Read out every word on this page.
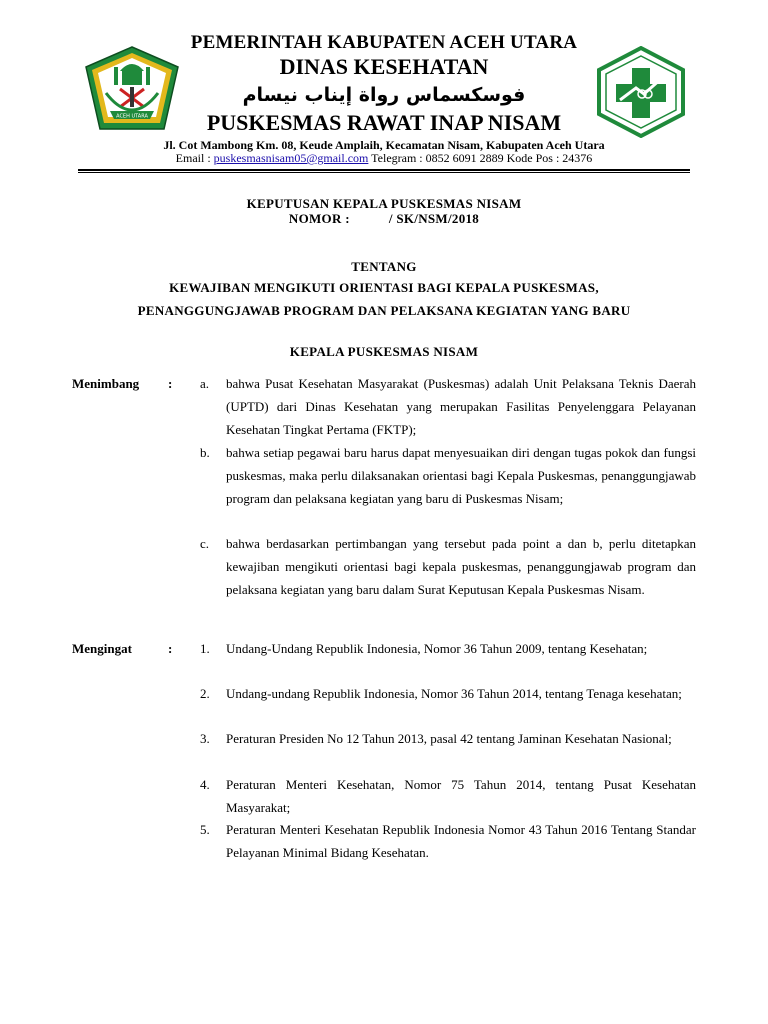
ACEH UTARA
PEMERINTAH KABUPATEN ACEH UTARA
DINAS KESEHATAN
فوسكسماس رواة إيناب نيسام
PUSKESMAS RAWAT INAP NISAM
Jl. Cot Mambong Km. 08, Keude Amplaih, Kecamatan Nisam, Kabupaten Aceh Utara
Email : puskesmasnisam05@gmail.com Telegram : 0852 6091 2889 Kode Pos : 24376
KEPUTUSAN KEPALA PUSKESMAS NISAM
NOMOR :           / SK/NSM/2018
TENTANG
KEWAJIBAN MENGIKUTI ORIENTASI BAGI KEPALA PUSKESMAS,
PENANGGUNGJAWAB PROGRAM DAN PELAKSANA KEGIATAN YANG BARU
KEPALA PUSKESMAS NISAM
Menimbang : a. bahwa Pusat Kesehatan Masyarakat (Puskesmas) adalah Unit Pelaksana Teknis Daerah (UPTD) dari Dinas Kesehatan yang merupakan Fasilitas Penyelenggara Pelayanan Kesehatan Tingkat Pertama (FKTP);
b. bahwa setiap pegawai baru harus dapat menyesuaikan diri dengan tugas pokok dan fungsi puskesmas, maka perlu dilaksanakan orientasi bagi Kepala Puskesmas, penanggungjawab program dan pelaksana kegiatan yang baru di Puskesmas Nisam;
c. bahwa berdasarkan pertimbangan yang tersebut pada point a dan b, perlu ditetapkan kewajiban mengikuti orientasi bagi kepala puskesmas, penanggungjawab program dan pelaksana kegiatan yang baru dalam Surat Keputusan Kepala Puskesmas Nisam.
Mengingat	: 1. Undang-Undang Republik Indonesia, Nomor 36 Tahun 2009, tentang Kesehatan;
2. Undang-undang Republik Indonesia, Nomor 36 Tahun 2014, tentang Tenaga kesehatan;
3. Peraturan Presiden No 12 Tahun 2013, pasal 42 tentang Jaminan Kesehatan Nasional;
4. Peraturan Menteri Kesehatan, Nomor 75 Tahun 2014, tentang Pusat Kesehatan Masyarakat;
5. Peraturan Menteri Kesehatan Republik Indonesia Nomor 43 Tahun 2016 Tentang Standar Pelayanan Minimal Bidang Kesehatan.
